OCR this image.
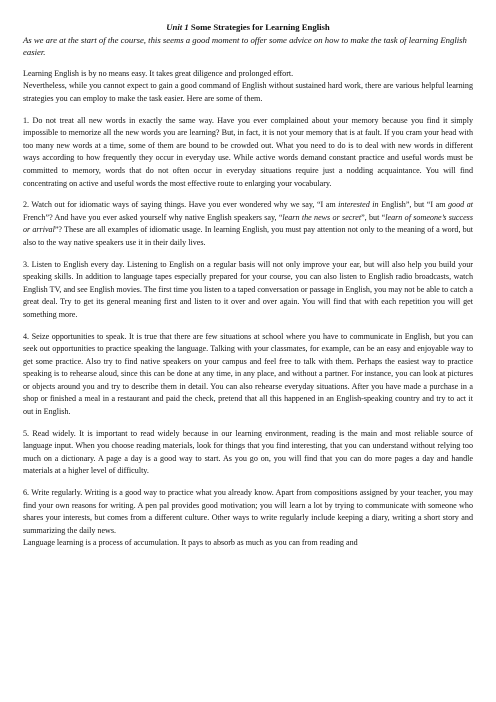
Unit 1 Some Strategies for Learning English
As we are at the start of the course, this seems a good moment to offer some advice on how to make the task of learning English easier.

Learning English is by no means easy. It takes great diligence and prolonged effort.

Nevertheless, while you cannot expect to gain a good command of English without sustained hard work, there are various helpful learning strategies you can employ to make the task easier. Here are some of them.

1. Do not treat all new words in exactly the same way. Have you ever complained about your memory because you find it simply impossible to memorize all the new words you are learning? But, in fact, it is not your memory that is at fault. If you cram your head with too many new words at a time, some of them are bound to be crowded out. What you need to do is to deal with new words in different ways according to how frequently they occur in everyday use. While active words demand constant practice and useful words must be committed to memory, words that do not often occur in everyday situations require just a nodding acquaintance. You will find concentrating on active and useful words the most effective route to enlarging your vocabulary.

2. Watch out for idiomatic ways of saying things. Have you ever wondered why we say, “I am interested in English”, but “I am good at French”? And have you ever asked yourself why native English speakers say, “learn the news or secret”, but “learn of someone’s success or arrival”? These are all examples of idiomatic usage. In learning English, you must pay attention not only to the meaning of a word, but also to the way native speakers use it in their daily lives.

3. Listen to English every day. Listening to English on a regular basis will not only improve your ear, but will also help you build your speaking skills. In addition to language tapes especially prepared for your course, you can also listen to English radio broadcasts, watch English TV, and see English movies. The first time you listen to a taped conversation or passage in English, you may not be able to catch a great deal. Try to get its general meaning first and listen to it over and over again. You will find that with each repetition you will get something more.

4. Seize opportunities to speak. It is true that there are few situations at school where you have to communicate in English, but you can seek out opportunities to practice speaking the language. Talking with your classmates, for example, can be an easy and enjoyable way to get some practice. Also try to find native speakers on your campus and feel free to talk with them. Perhaps the easiest way to practice speaking is to rehearse aloud, since this can be done at any time, in any place, and without a partner. For instance, you can look at pictures or objects around you and try to describe them in detail. You can also rehearse everyday situations. After you have made a purchase in a shop or finished a meal in a restaurant and paid the check, pretend that all this happened in an English-speaking country and try to act it out in English.

5. Read widely. It is important to read widely because in our learning environment, reading is the main and most reliable source of language input. When you choose reading materials, look for things that you find interesting, that you can understand without relying too much on a dictionary. A page a day is a good way to start. As you go on, you will find that you can do more pages a day and handle materials at a higher level of difficulty.

6. Write regularly. Writing is a good way to practice what you already know. Apart from compositions assigned by your teacher, you may find your own reasons for writing. A pen pal provides good motivation; you will learn a lot by trying to communicate with someone who shares your interests, but comes from a different culture. Other ways to write regularly include keeping a diary, writing a short story and summarizing the daily news.

Language learning is a process of accumulation. It pays to absorb as much as you can from reading and
